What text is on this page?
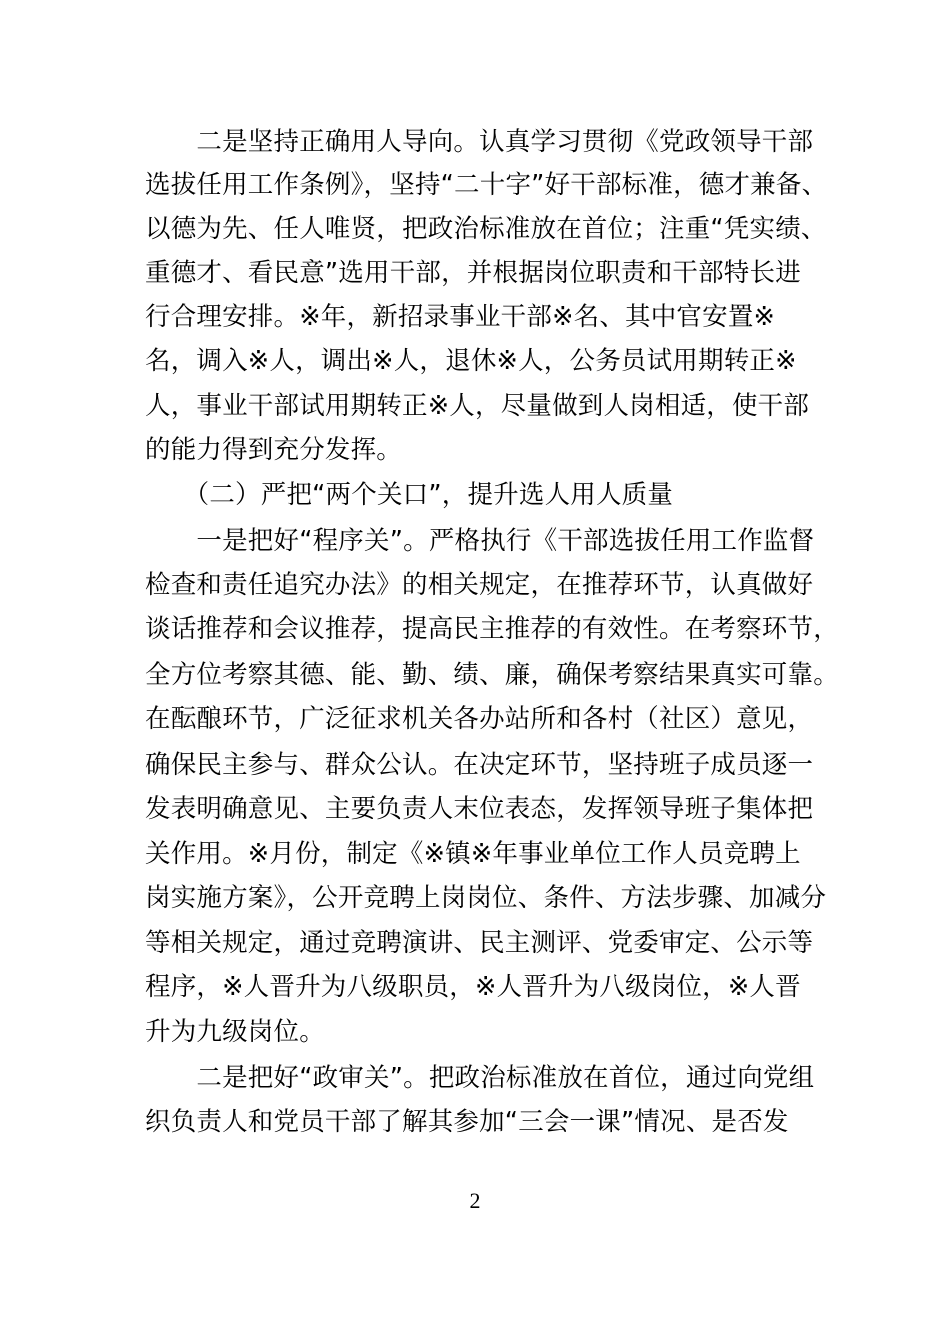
　　二是坚持正确用人导向。认真学习贯彻《党政领导干部
选拔任用工作条例》，坚持“二十字”好干部标准，德才兼备、
以德为先、任人唯贤，把政治标准放在首位；注重“凭实绩、
重德才、看民意”选用干部，并根据岗位职责和干部特长进
行合理安排。※年，新招录事业干部※名、其中官安置※
名，调入※人，调出※人，退休※人，公务员试用期转正※
人，事业干部试用期转正※人，尽量做到人岗相适，使干部
的能力得到充分发挥。
　　（二）严把“两个关口”，提升选人用人质量
　　一是把好“程序关”。严格执行《干部选拔任用工作监督
检查和责任追究办法》的相关规定，在推荐环节，认真做好
谈话推荐和会议推荐，提高民主推荐的有效性。在考察环节，
全方位考察其德、能、勤、绩、廉，确保考察结果真实可靠。
在酝酿环节，广泛征求机关各办站所和各村（社区）意见，
确保民主参与、群众公认。在决定环节，坚持班子成员逐一
发表明确意见、主要负责人末位表态，发挥领导班子集体把
关作用。※月份，制定《※镇※年事业单位工作人员竞聘上
岗实施方案》，公开竞聘上岗岗位、条件、方法步骤、加减分
等相关规定，通过竞聘演讲、民主测评、党委审定、公示等
程序，※人晋升为八级职员，※人晋升为八级岗位，※人晋
升为九级岗位。
　　二是把好“政审关”。把政治标准放在首位，通过向党组
织负责人和党员干部了解其参加“三会一课”情况、是否发
2
